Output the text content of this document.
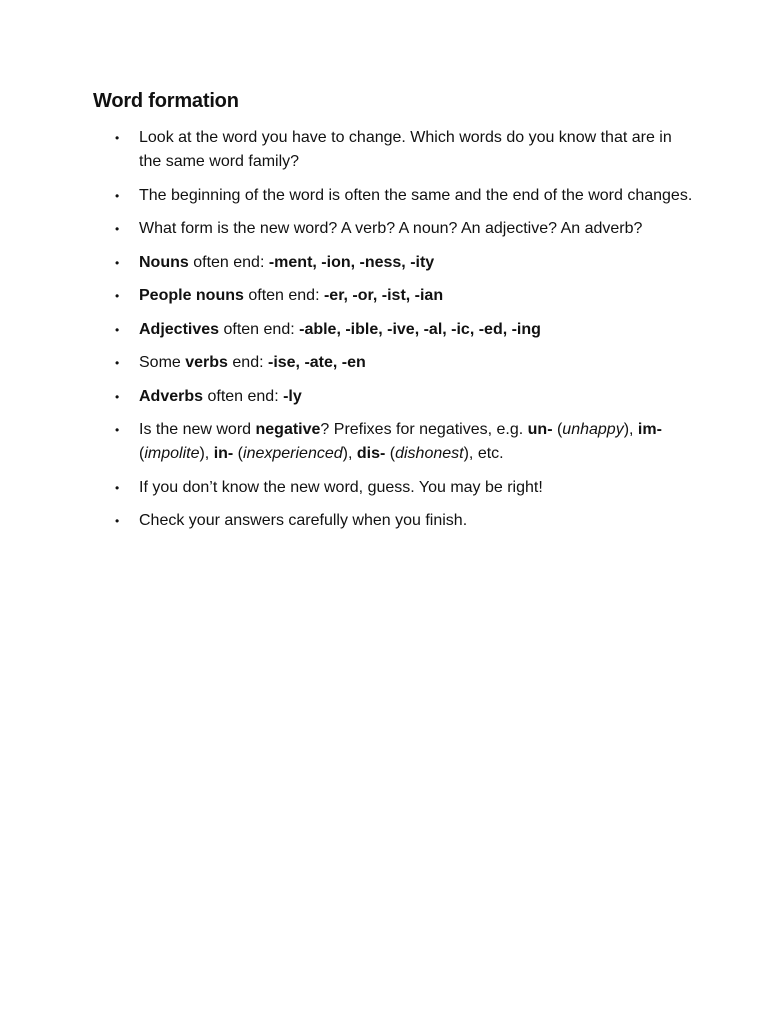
Word formation
• Look at the word you have to change. Which words do you know that are in the same word family?
• The beginning of the word is often the same and the end of the word changes.
• What form is the new word? A verb? A noun? An adjective? An adverb?
• Nouns often end: -ment, -ion, -ness, -ity
• People nouns often end: -er, -or, -ist, -ian
• Adjectives often end: -able, -ible, -ive, -al, -ic, -ed, -ing
• Some verbs end: -ise, -ate, -en
• Adverbs often end: -ly
• Is the new word negative? Prefixes for negatives, e.g. un- (unhappy), im- (impolite), in- (inexperienced), dis- (dishonest), etc.
• If you don’t know the new word, guess. You may be right!
• Check your answers carefully when you finish.
